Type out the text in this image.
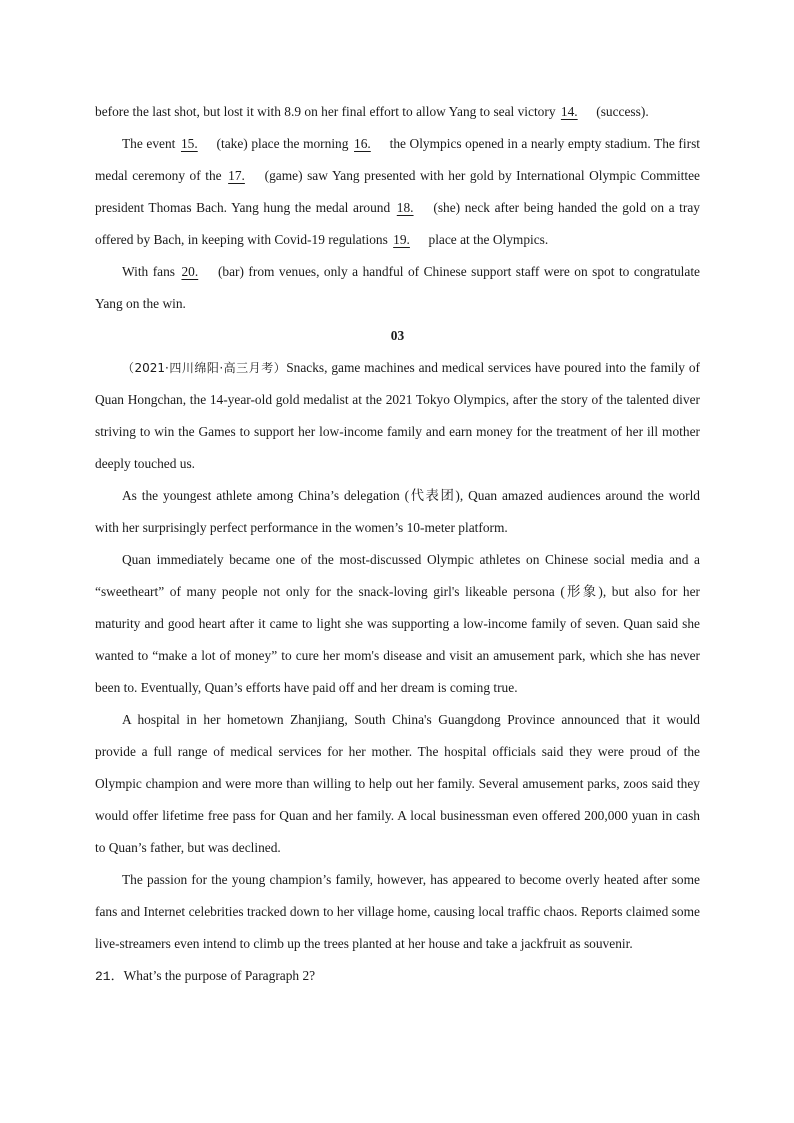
before the last shot, but lost it with 8.9 on her final effort to allow Yang to seal victory 14. (success).

The event 15. (take) place the morning 16. the Olympics opened in a nearly empty stadium. The first medal ceremony of the 17. (game) saw Yang presented with her gold by International Olympic Committee president Thomas Bach. Yang hung the medal around 18. (she) neck after being handed the gold on a tray offered by Bach, in keeping with Covid-19 regulations 19. place at the Olympics.

With fans 20. (bar) from venues, only a handful of Chinese support staff were on spot to congratulate Yang on the win.

03

（2021·四川绵阳·高三月考）Snacks, game machines and medical services have poured into the family of Quan Hongchan, the 14-year-old gold medalist at the 2021 Tokyo Olympics, after the story of the talented diver striving to win the Games to support her low-income family and earn money for the treatment of her ill mother deeply touched us.

As the youngest athlete among China’s delegation (代表团), Quan amazed audiences around the world with her surprisingly perfect performance in the women’s 10-meter platform.

Quan immediately became one of the most-discussed Olympic athletes on Chinese social media and a “sweetheart” of many people not only for the snack-loving girl's likeable persona (形象), but also for her maturity and good heart after it came to light she was supporting a low-income family of seven. Quan said she wanted to “make a lot of money” to cure her mom's disease and visit an amusement park, which she has never been to. Eventually, Quan’s efforts have paid off and her dream is coming true.

A hospital in her hometown Zhanjiang, South China's Guangdong Province announced that it would provide a full range of medical services for her mother. The hospital officials said they were proud of the Olympic champion and were more than willing to help out her family. Several amusement parks, zoos said they would offer lifetime free pass for Quan and her family. A local businessman even offered 200,000 yuan in cash to Quan’s father, but was declined.

The passion for the young champion’s family, however, has appeared to become overly heated after some fans and Internet celebrities tracked down to her village home, causing local traffic chaos. Reports claimed some live-streamers even intend to climb up the trees planted at her house and take a jackfruit as souvenir.

21．What’s the purpose of Paragraph 2?
